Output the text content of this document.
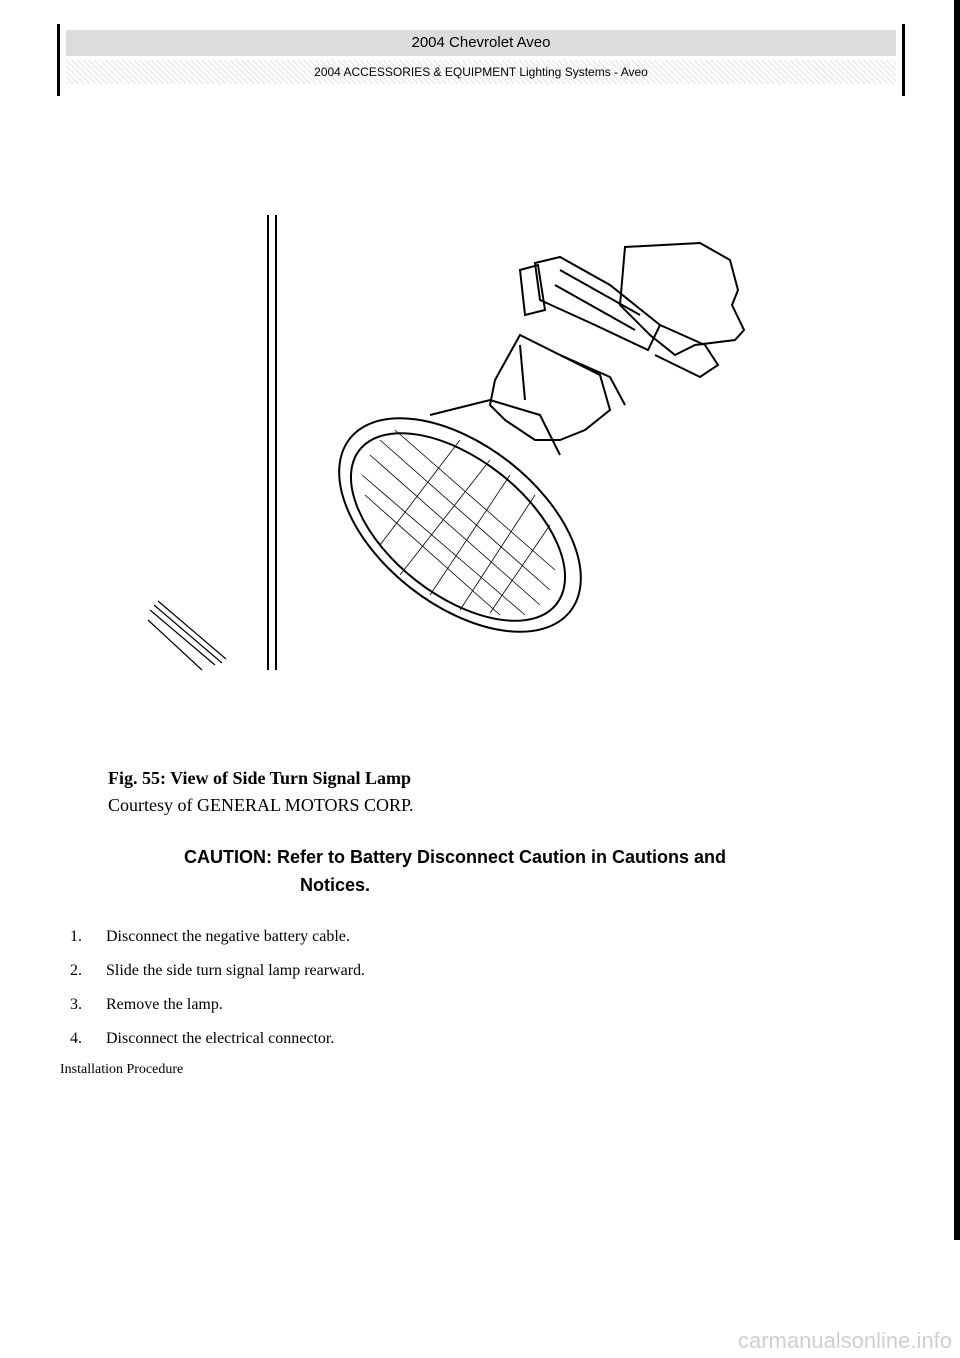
2004 Chevrolet Aveo
2004 ACCESSORIES & EQUIPMENT Lighting Systems - Aveo
Fig. 55: View of Side Turn Signal Lamp
Courtesy of GENERAL MOTORS CORP.
CAUTION: Refer to Battery Disconnect Caution in Cautions and
Notices.
1.	Disconnect the negative battery cable.
2.	Slide the side turn signal lamp rearward.
3.	Remove the lamp.
4.	Disconnect the electrical connector.
Installation Procedure
carmanualsonline.info
